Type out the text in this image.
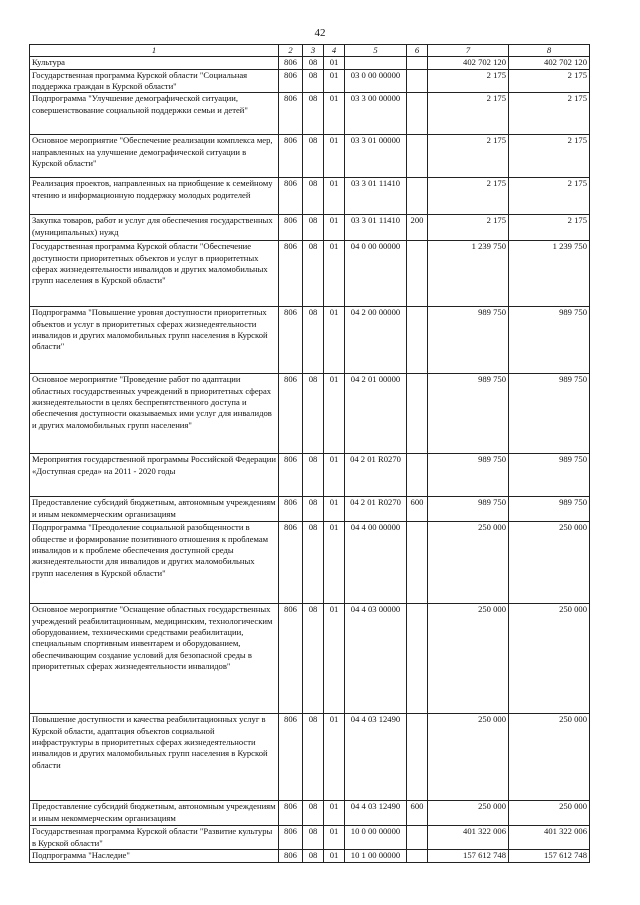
42
1	2	3	4	5	6	7	8
Культура	806	08	01			402 702 120	402 702 120
Государственная программа Курской области "Социальная поддержка граждан в Курской области"	806	08	01	03 0 00 00000		2 175	2 175
Подпрограмма "Улучшение демографической ситуации, совершенствование социальной поддержки семьи и детей"	806	08	01	03 3 00 00000		2 175	2 175
Основное мероприятие "Обеспечение реализации комплекса мер, направленных на улучшение демографической ситуации в Курской области"	806	08	01	03 3 01 00000		2 175	2 175
Реализация проектов, направленных на приобщение к семейному чтению и информационную поддержку молодых родителей	806	08	01	03 3 01 11410		2 175	2 175
Закупка товаров, работ и услуг для обеспечения государственных (муниципальных) нужд	806	08	01	03 3 01 11410	200	2 175	2 175
Государственная программа Курской области "Обеспечение доступности приоритетных объектов и услуг в приоритетных сферах жизнедеятельности инвалидов и других маломобильных групп населения в Курской области"	806	08	01	04 0 00 00000		1 239 750	1 239 750
Подпрограмма "Повышение уровня доступности приоритетных объектов и услуг в приоритетных сферах жизнедеятельности инвалидов и других маломобильных групп населения в Курской области"	806	08	01	04 2 00 00000		989 750	989 750
Основное мероприятие "Проведение работ по адаптации областных государственных учреждений в приоритетных сферах жизнедеятельности в целях беспрепятственного доступа и обеспечения доступности оказываемых ими услуг для инвалидов и других маломобильных групп населения"	806	08	01	04 2 01 00000		989 750	989 750
Мероприятия государственной программы Российской Федерации «Доступная среда» на 2011 - 2020 годы	806	08	01	04 2 01 R0270		989 750	989 750
Предоставление субсидий бюджетным, автономным учреждениям и иным некоммерческим организациям	806	08	01	04 2 01 R0270	600	989 750	989 750
Подпрограмма "Преодоление социальной разобщенности в обществе и формирование позитивного отношения к проблемам инвалидов и к проблеме обеспечения доступной среды жизнедеятельности для инвалидов и других маломобильных групп населения в Курской области"	806	08	01	04 4 00 00000		250 000	250 000
Основное мероприятие "Оснащение областных государственных учреждений реабилитационным, медицинским, технологическим оборудованием, техническими средствами реабилитации, специальным спортивным инвентарем и оборудованием, обеспечивающим создание условий для безопасной среды в приоритетных сферах жизнедеятельности инвалидов"	806	08	01	04 4 03 00000		250 000	250 000
Повышение доступности и качества реабилитационных услуг в Курской области, адаптация объектов социальной инфраструктуры в приоритетных сферах жизнедеятельности инвалидов и других маломобильных групп населения в Курской области	806	08	01	04 4 03 12490		250 000	250 000
Предоставление субсидий бюджетным, автономным учреждениям и иным некоммерческим организациям	806	08	01	04 4 03 12490	600	250 000	250 000
Государственная программа Курской области "Развитие культуры в Курской области"	806	08	01	10 0 00 00000		401 322 006	401 322 006
Подпрограмма "Наследие"	806	08	01	10 1 00 00000		157 612 748	157 612 748
